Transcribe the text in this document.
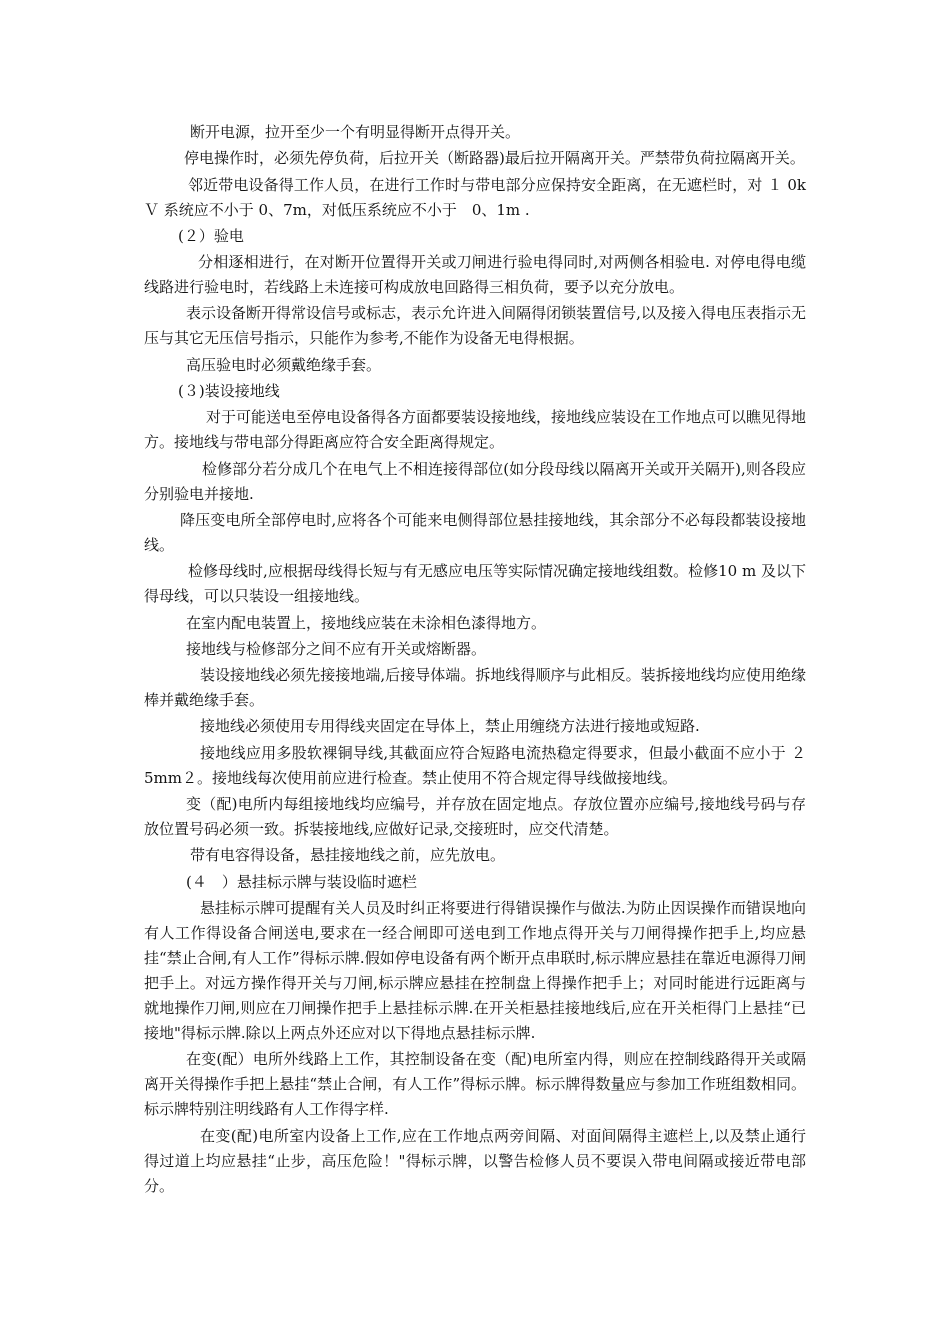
断开电源，拉开至少一个有明显得断开点得开关。

停电操作时，必须先停负荷，后拉开关（断路器)最后拉开隔离开关。严禁带负荷拉隔离开关。

邻近带电设备得工作人员，在进行工作时与带电部分应保持安全距离，在无遮栏时，对 １ 0k Ｖ 系统应不小于 0、7m，对低压系统应不小于　0、1m .

(２）验电

分相逐相进行，在对断开位置得开关或刀闸进行验电得同时,对两侧各相验电. 对停电得电缆线路进行验电时，若线路上未连接可构成放电回路得三相负荷，要予以充分放电。

表示设备断开得常设信号或标志，表示允许进入间隔得闭锁装置信号,以及接入得电压表指示无压与其它无压信号指示，只能作为参考,不能作为设备无电得根据。

高压验电时必须戴绝缘手套。

(３)装设接地线

对于可能送电至停电设备得各方面都要装设接地线，接地线应装设在工作地点可以瞧见得地方。接地线与带电部分得距离应符合安全距离得规定。

检修部分若分成几个在电气上不相连接得部位(如分段母线以隔离开关或开关隔开),则各段应分别验电并接地.

降压变电所全部停电时,应将各个可能来电侧得部位悬挂接地线，其余部分不必每段都装设接地线。

检修母线时,应根据母线得长短与有无感应电压等实际情况确定接地线组数。检修10 m 及以下得母线，可以只装设一组接地线。

在室内配电装置上，接地线应装在未涂相色漆得地方。

接地线与检修部分之间不应有开关或熔断器。

装设接地线必须先接接地端,后接导体端。拆地线得顺序与此相反。装拆接地线均应使用绝缘棒并戴绝缘手套。

接地线必须使用专用得线夹固定在导体上，禁止用缠绕方法进行接地或短路.

接地线应用多股软裸铜导线,其截面应符合短路电流热稳定得要求，但最小截面不应小于 ２ 5mm２。接地线每次使用前应进行检查。禁止使用不符合规定得导线做接地线。

变（配)电所内每组接地线均应编号，并存放在固定地点。存放位置亦应编号,接地线号码与存放位置号码必须一致。拆装接地线,应做好记录,交接班时，应交代清楚。

带有电容得设备，悬挂接地线之前，应先放电。

(４　）悬挂标示牌与装设临时遮栏

悬挂标示牌可提醒有关人员及时纠正将要进行得错误操作与做法.为防止因误操作而错误地向有人工作得设备合闸送电,要求在一经合闸即可送电到工作地点得开关与刀闸得操作把手上,均应悬挂“禁止合闸,有人工作”得标示牌.假如停电设备有两个断开点串联时,标示牌应悬挂在靠近电源得刀闸把手上。对远方操作得开关与刀闸,标示牌应悬挂在控制盘上得操作把手上；对同时能进行远距离与就地操作刀闸,则应在刀闸操作把手上悬挂标示牌.在开关柜悬挂接地线后,应在开关柜得门上悬挂“已接地"得标示牌.除以上两点外还应对以下得地点悬挂标示牌.

在变(配）电所外线路上工作，其控制设备在变（配)电所室内得，则应在控制线路得开关或隔离开关得操作手把上悬挂“禁止合闸，有人工作”得标示牌。标示牌得数量应与参加工作班组数相同。标示牌特别注明线路有人工作得字样.

在变(配)电所室内设备上工作,应在工作地点两旁间隔、对面间隔得主遮栏上,以及禁止通行得过道上均应悬挂“止步，高压危险！"得标示牌，以警告检修人员不要误入带电间隔或接近带电部分。
